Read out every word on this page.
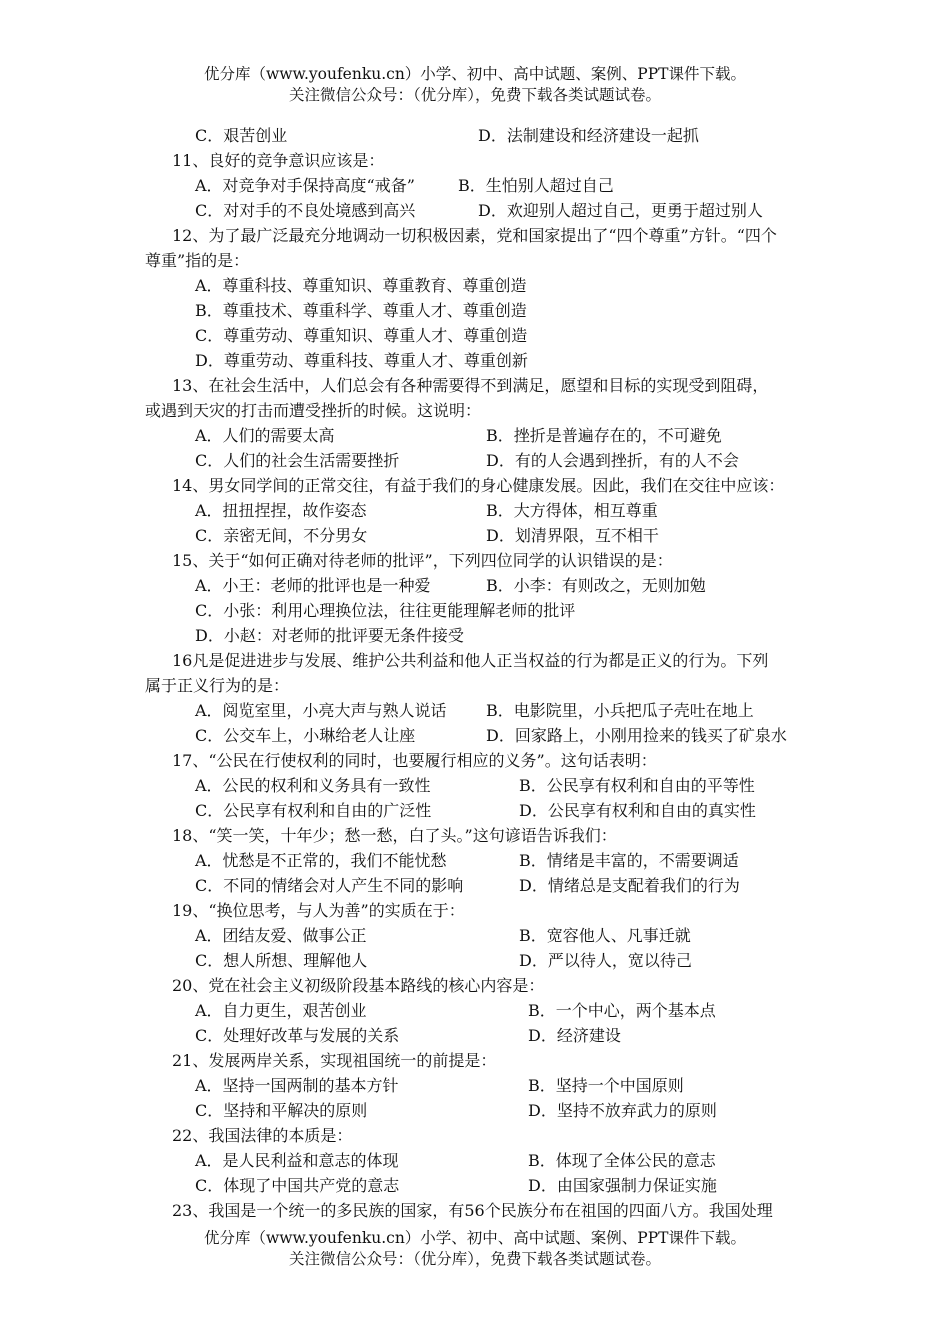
优分库（www.youfenku.cn）小学、初中、高中试题、案例、PPT课件下载。
关注微信公众号：（优分库），免费下载各类试题试卷。
C．艰苦创业	D．法制建设和经济建设一起抓
11、良好的竞争意识应该是：
A．对竞争对手保持高度“戒备”	B．生怕别人超过自己
C．对对手的不良处境感到高兴	D．欢迎别人超过自己，更勇于超过别人
12、为了最广泛最充分地调动一切积极因素，党和国家提出了“四个尊重”方针。“四个
尊重”指的是：
A．尊重科技、尊重知识、尊重教育、尊重创造
B．尊重技术、尊重科学、尊重人才、尊重创造
C．尊重劳动、尊重知识、尊重人才、尊重创造
D．尊重劳动、尊重科技、尊重人才、尊重创新
13、在社会生活中，人们总会有各种需要得不到满足，愿望和目标的实现受到阻碍，
或遇到天灾的打击而遭受挫折的时候。这说明：
A．人们的需要太高	B．挫折是普遍存在的，不可避免
C．人们的社会生活需要挫折	D．有的人会遇到挫折，有的人不会
14、男女同学间的正常交往，有益于我们的身心健康发展。因此，我们在交往中应该：
A．扭扭捏捏，故作姿态	B．大方得体，相互尊重
C．亲密无间，不分男女	D．划清界限，互不相干
15、关于“如何正确对待老师的批评”，下列四位同学的认识错误的是：
A．小王：老师的批评也是一种爱	B．小李：有则改之，无则加勉
C．小张：利用心理换位法，往往更能理解老师的批评
D．小赵：对老师的批评要无条件接受
16凡是促进进步与发展、维护公共利益和他人正当权益的行为都是正义的行为。下列
属于正义行为的是：
A．阅览室里，小亮大声与熟人说话 B．电影院里，小兵把瓜子壳吐在地上
C．公交车上，小琳给老人让座	D．回家路上，小刚用捡来的钱买了矿泉水
17、“公民在行使权利的同时，也要履行相应的义务”。这句话表明：
A．公民的权利和义务具有一致性	B．公民享有权利和自由的平等性
C．公民享有权利和自由的广泛性	D．公民享有权利和自由的真实性
18、“笑一笑，十年少；愁一愁，白了头。”这句谚语告诉我们：
A．忧愁是不正常的，我们不能忧愁	B．情绪是丰富的，不需要调适
C．不同的情绪会对人产生不同的影响	D．情绪总是支配着我们的行为
19、“换位思考，与人为善”的实质在于：
A．团结友爱、做事公正	B．宽容他人、凡事迁就
C．想人所想、理解他人	D．严以待人，宽以待己
20、党在社会主义初级阶段基本路线的核心内容是：
A．自力更生，艰苦创业	B．一个中心，两个基本点
C．处理好改革与发展的关系	D．经济建设
21、发展两岸关系，实现祖国统一的前提是：
A．坚持一国两制的基本方针	B．坚持一个中国原则
C．坚持和平解决的原则	D．坚持不放弃武力的原则
22、我国法律的本质是：
A．是人民利益和意志的体现	B．体现了全体公民的意志
C．体现了中国共产党的意志	D．由国家强制力保证实施
23、我国是一个统一的多民族的国家，有56个民族分布在祖国的四面八方。我国处理
优分库（www.youfenku.cn）小学、初中、高中试题、案例、PPT课件下载。
关注微信公众号：（优分库），免费下载各类试题试卷。
